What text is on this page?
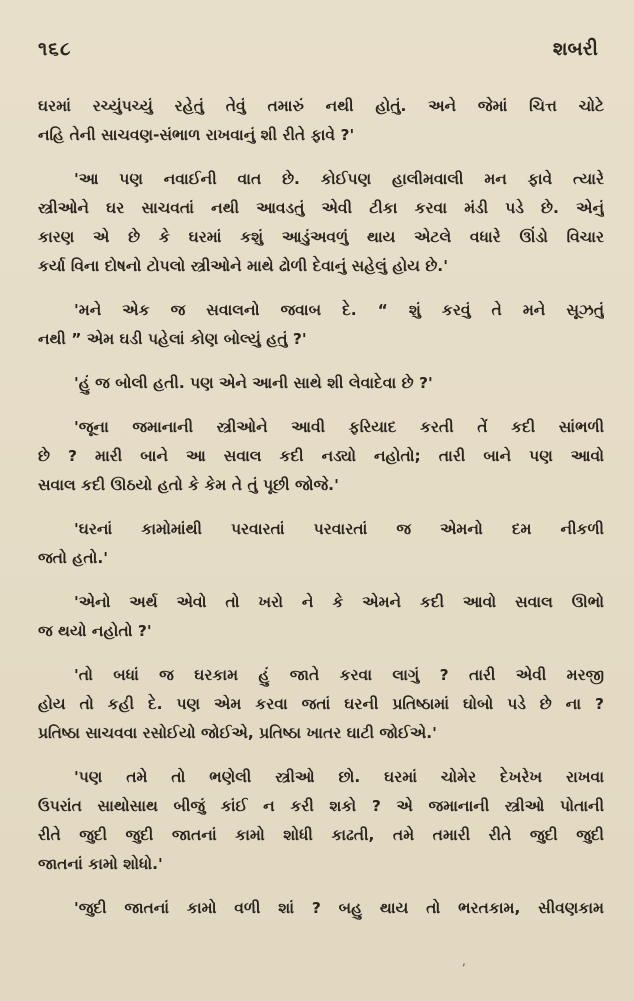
૧૬૮	શબરી
ઘરમાં રચ્યુંપચ્યું રહેતું તેવું તમારું નથી હોતું. અને જેમાં ચિત્ત ચોટે
નહિ તેની સાચવણ-સંભાળ રાખવાનું શી રીતે ફાવે ?'
'આ પણ નવાઈની વાત છે. કોઈપણ હાલીમવાલી મન ફાવે ત્યારે
સ્ત્રીઓને ઘર સાચવતાં નથી આવડતું એવી ટીકા કરવા મંડી પડે છે. એનું
કારણ એ છે કે ઘરમાં કશું આડુંઅવળું થાય એટલે વધારે ઊંડો વિચાર
કર્યા વિના દોષનો ટોપલો સ્ત્રીઓને માથે ઢોળી દેવાનું સહેલું હોય છે.'
'મને એક જ સવાલનો જવાબ દે. “ શું કરવું તે મને સૂઝતું
નથી ” એમ ઘડી પહેલાં કોણ બોલ્યું હતું ?'
'હું જ બોલી હતી. પણ એને આની સાથે શી લેવાદેવા છે ?'
'જૂના જમાનાની સ્ત્રીઓને આવી ફરિયાદ કરતી તેં કદી સાંભળી
છે ? મારી બાને આ સવાલ કદી નડ્યો નહોતો; તારી બાને પણ આવો
સવાલ કદી ઊઠયો હતો કે કેમ તે તું પૂછી જોજે.'
'ઘરનાં કામોમાંથી પરવારતાં પરવારતાં જ એમનો દમ નીકળી
જતો હતો.'
'એનો અર્થ એવો તો ખરો ને કે એમને કદી આવો સવાલ ઊભો
જ થયો નહોતો ?'
'તો બધાં જ ઘરકામ હું જાતે કરવા લાગું ? તારી એવી મરજી
હોય તો કહી દે. પણ એમ કરવા જતાં ઘરની પ્રતિષ્ઠામાં ઘોબો પડે છે ના ?
પ્રતિષ્ઠા સાચવવા રસોઈયો જોઈએ, પ્રતિષ્ઠા ખાતર ઘાટી જોઈએ.'
'પણ તમે તો ભણેલી સ્ત્રીઓ છો. ઘરમાં ચોમેર દેખરેખ રાખવા
ઉપરાંત સાથોસાથ બીજું કાંઈ ન કરી શકો ? એ જમાનાની સ્ત્રીઓ પોતાની
રીતે જુદી જુદી જાતનાં કામો શોધી કાઢતી, તમે તમારી રીતે જુદી જુદી
જાતનાં કામો શોધો.'
'જુદી જાતનાં કામો વળી શાં ? બહુ થાય તો ભરતકામ, સીવણકામ
,
